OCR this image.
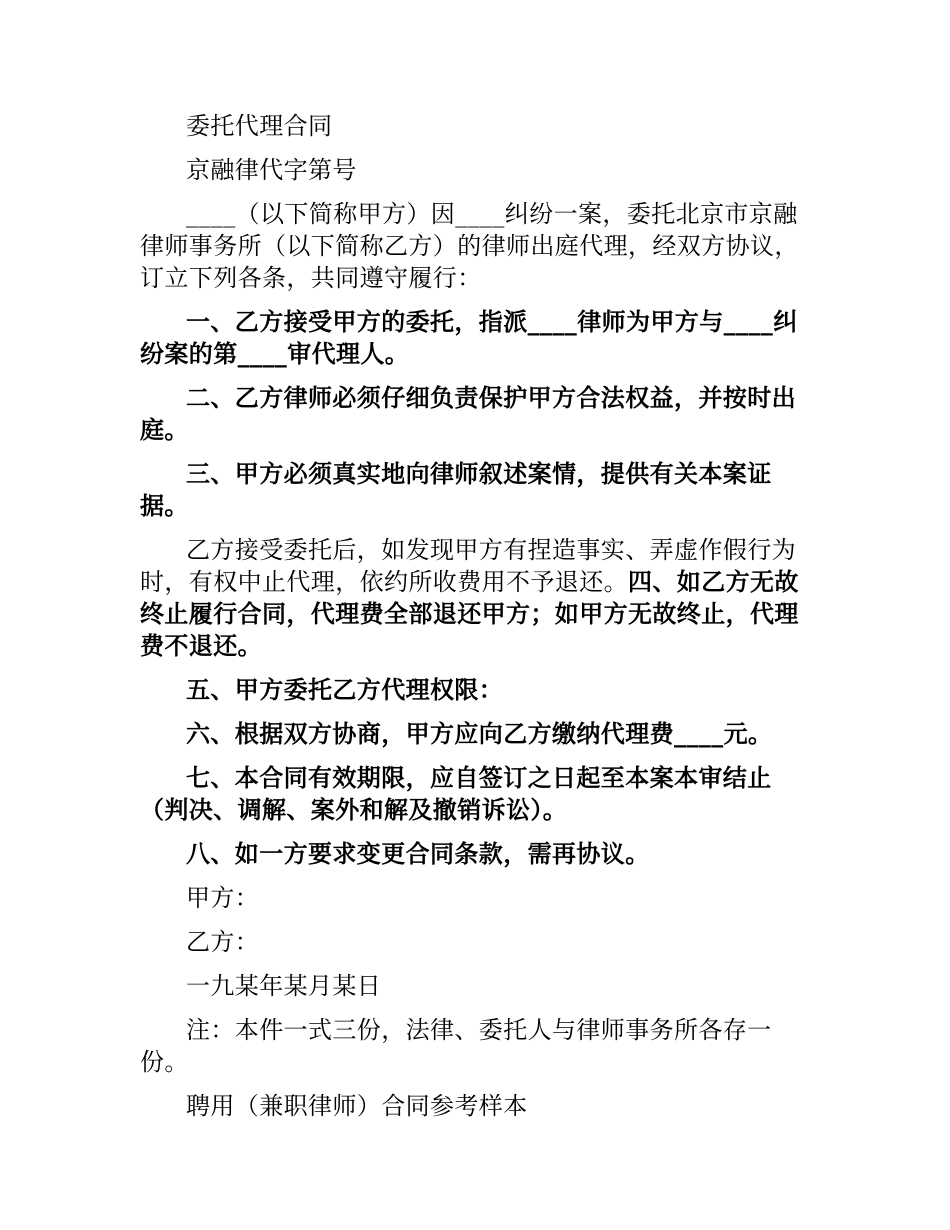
委托代理合同

京融律代字第号

____（以下简称甲方）因____纠纷一案，委托北京市京融律师事务所（以下简称乙方）的律师出庭代理，经双方协议，订立下列各条，共同遵守履行：

一、乙方接受甲方的委托，指派____律师为甲方与____纠纷案的第____审代理人。

二、乙方律师必须仔细负责保护甲方合法权益，并按时出庭。

三、甲方必须真实地向律师叙述案情，提供有关本案证据。

乙方接受委托后，如发现甲方有捏造事实、弄虚作假行为时，有权中止代理，依约所收费用不予退还。四、如乙方无故终止履行合同，代理费全部退还甲方；如甲方无故终止，代理费不退还。

五、甲方委托乙方代理权限：

六、根据双方协商，甲方应向乙方缴纳代理费____元。

七、本合同有效期限，应自签订之日起至本案本审结止（判决、调解、案外和解及撤销诉讼）。

八、如一方要求变更合同条款，需再协议。

甲方：

乙方：

一九某年某月某日

注：本件一式三份，法律、委托人与律师事务所各存一份。

聘用（兼职律师）合同参考样本
